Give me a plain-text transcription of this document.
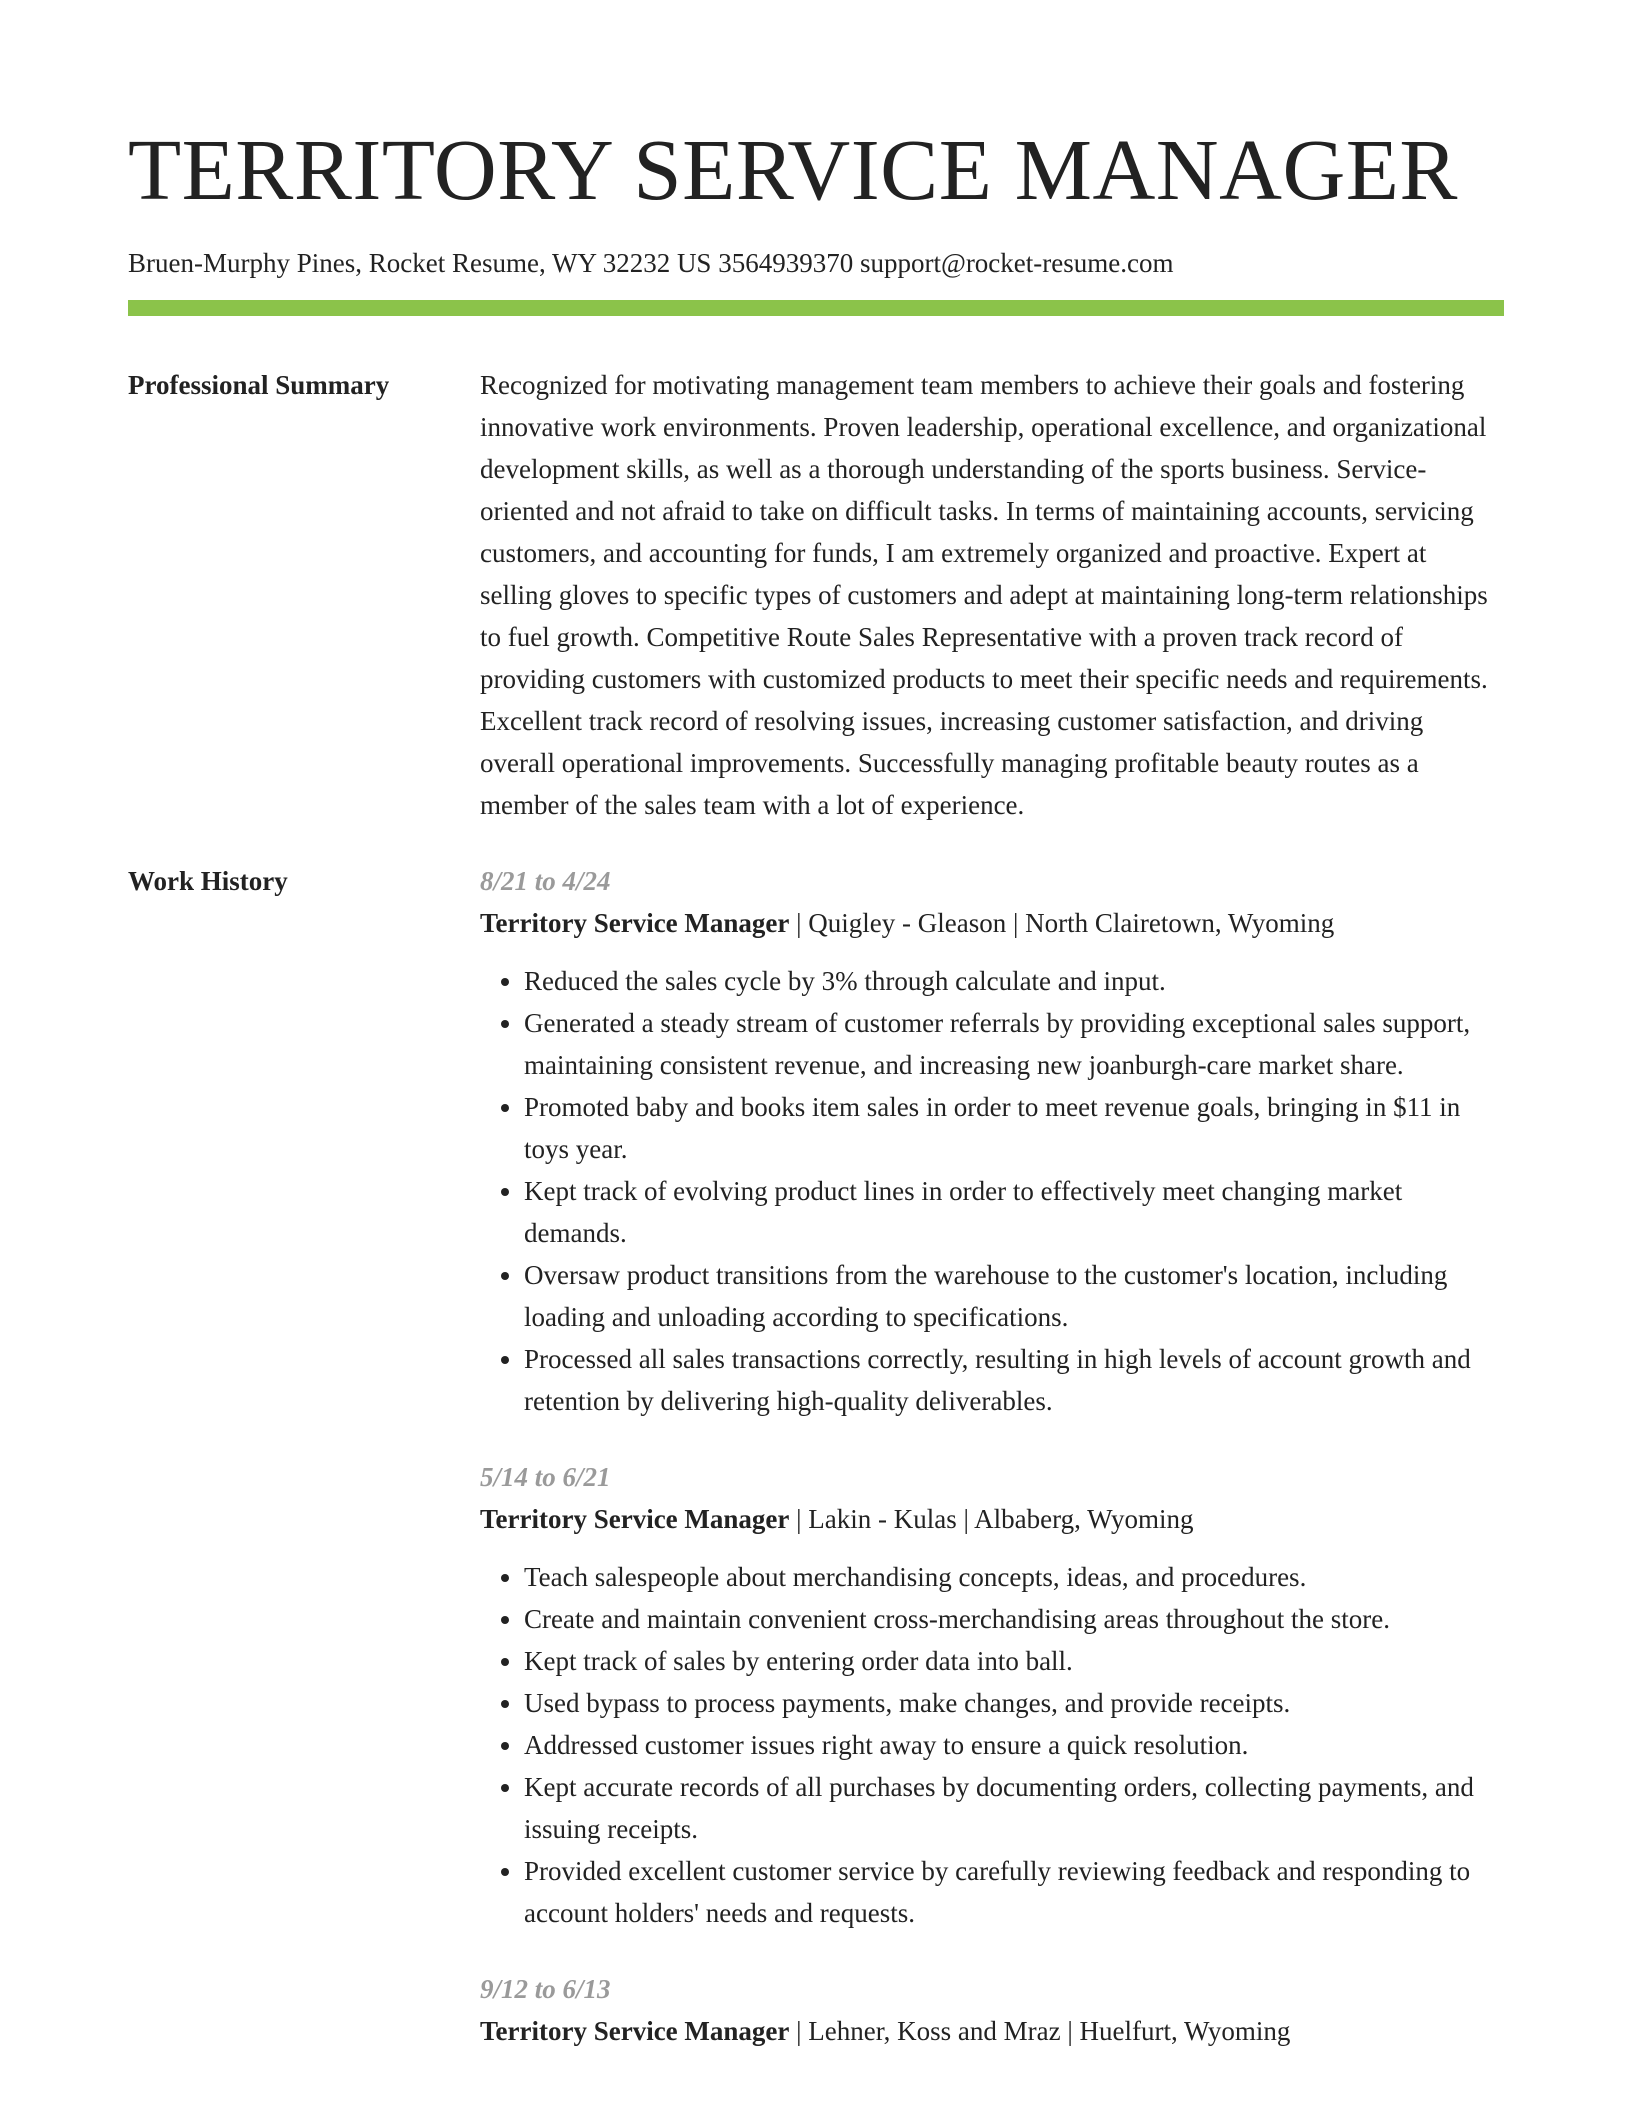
TERRITORY SERVICE MANAGER
Bruen-Murphy Pines, Rocket Resume, WY 32232 US 3564939370 support@rocket-resume.com
Professional Summary	Recognized for motivating management team members to achieve their goals and fostering innovative work environments. Proven leadership, operational excellence, and organizational development skills, as well as a thorough understanding of the sports business. Service-oriented and not afraid to take on difficult tasks. In terms of maintaining accounts, servicing customers, and accounting for funds, I am extremely organized and proactive. Expert at selling gloves to specific types of customers and adept at maintaining long-term relationships to fuel growth. Competitive Route Sales Representative with a proven track record of providing customers with customized products to meet their specific needs and requirements. Excellent track record of resolving issues, increasing customer satisfaction, and driving overall operational improvements. Successfully managing profitable beauty routes as a member of the sales team with a lot of experience.

Work History	8/21 to 4/24
Territory Service Manager | Quigley - Gleason | North Clairetown, Wyoming
• Reduced the sales cycle by 3% through calculate and input.
• Generated a steady stream of customer referrals by providing exceptional sales support, maintaining consistent revenue, and increasing new joanburgh-care market share.
• Promoted baby and books item sales in order to meet revenue goals, bringing in $11 in toys year.
• Kept track of evolving product lines in order to effectively meet changing market demands.
• Oversaw product transitions from the warehouse to the customer's location, including loading and unloading according to specifications.
• Processed all sales transactions correctly, resulting in high levels of account growth and retention by delivering high-quality deliverables.
5/14 to 6/21
Territory Service Manager | Lakin - Kulas | Albaberg, Wyoming
• Teach salespeople about merchandising concepts, ideas, and procedures.
• Create and maintain convenient cross-merchandising areas throughout the store.
• Kept track of sales by entering order data into ball.
• Used bypass to process payments, make changes, and provide receipts.
• Addressed customer issues right away to ensure a quick resolution.
• Kept accurate records of all purchases by documenting orders, collecting payments, and issuing receipts.
• Provided excellent customer service by carefully reviewing feedback and responding to account holders' needs and requests.
9/12 to 6/13
Territory Service Manager | Lehner, Koss and Mraz | Huelfurt, Wyoming
